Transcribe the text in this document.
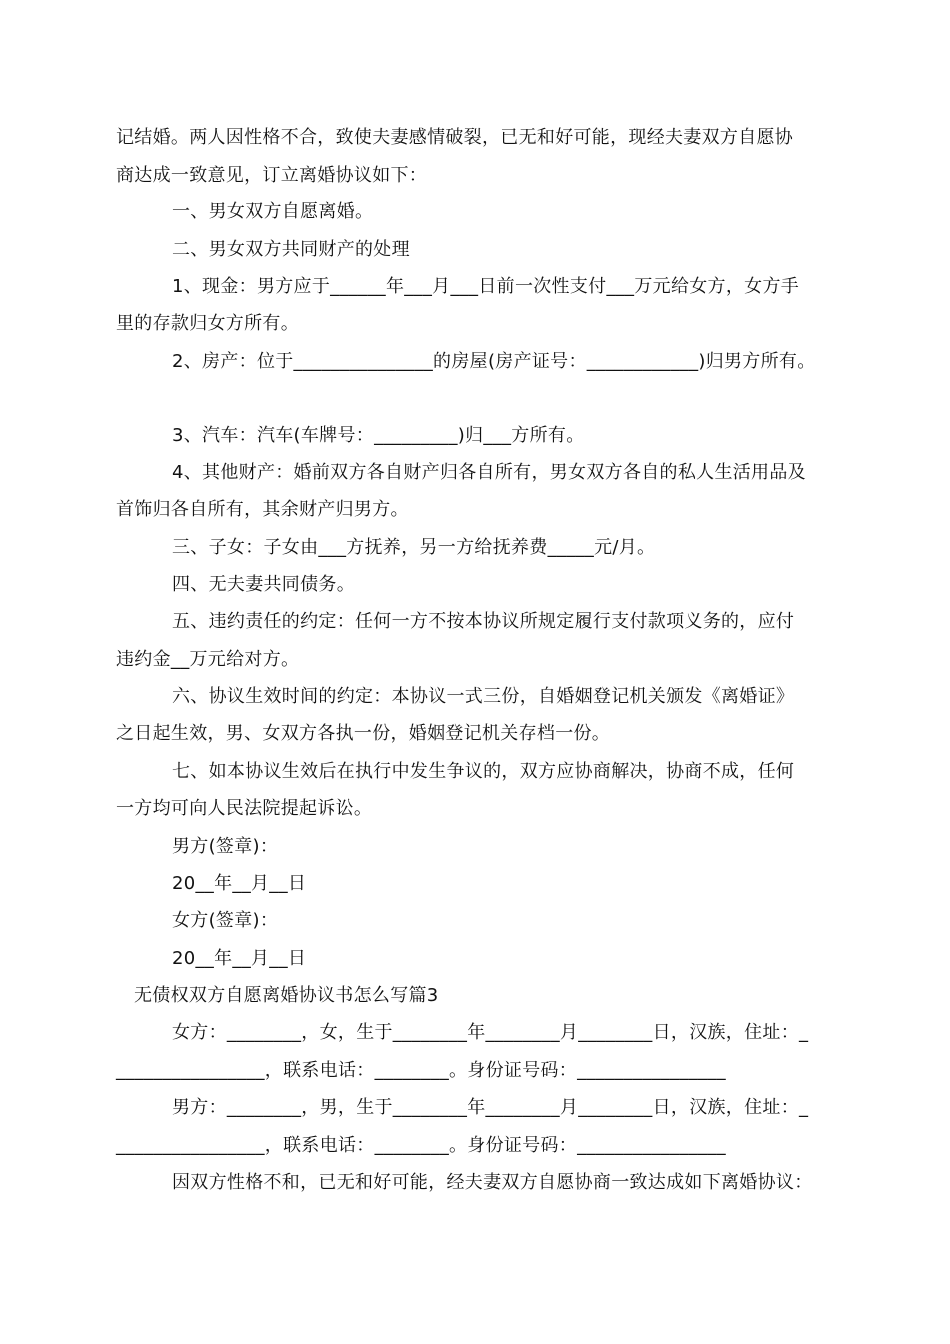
记结婚。两人因性格不合，致使夫妻感情破裂，已无和好可能，现经夫妻双方自愿协
商达成一致意见，订立离婚协议如下：
一、男女双方自愿离婚。
二、男女双方共同财产的处理
1、现金：男方应于______年___月___日前一次性支付___万元给女方，女方手
里的存款归女方所有。
2、房产：位于_______________的房屋(房产证号：____________)归男方所有。
3、汽车：汽车(车牌号：_________)归___方所有。
4、其他财产：婚前双方各自财产归各自所有，男女双方各自的私人生活用品及
首饰归各自所有，其余财产归男方。
三、子女：子女由___方抚养，另一方给抚养费_____元/月。
四、无夫妻共同债务。
五、违约责任的约定：任何一方不按本协议所规定履行支付款项义务的，应付
违约金__万元给对方。
六、协议生效时间的约定：本协议一式三份，自婚姻登记机关颁发《离婚证》
之日起生效，男、女双方各执一份，婚姻登记机关存档一份。
七、如本协议生效后在执行中发生争议的，双方应协商解决，协商不成，任何
一方均可向人民法院提起诉讼。
男方(签章)：
20__年__月__日
女方(签章)：
20__年__月__日
无债权双方自愿离婚协议书怎么写篇3
女方：________，女，生于________年________月________日，汉族，住址：_
________________，联系电话：________。身份证号码：________________
男方：________，男，生于________年________月________日，汉族，住址：_
________________，联系电话：________。身份证号码：________________
因双方性格不和，已无和好可能，经夫妻双方自愿协商一致达成如下离婚协议：
